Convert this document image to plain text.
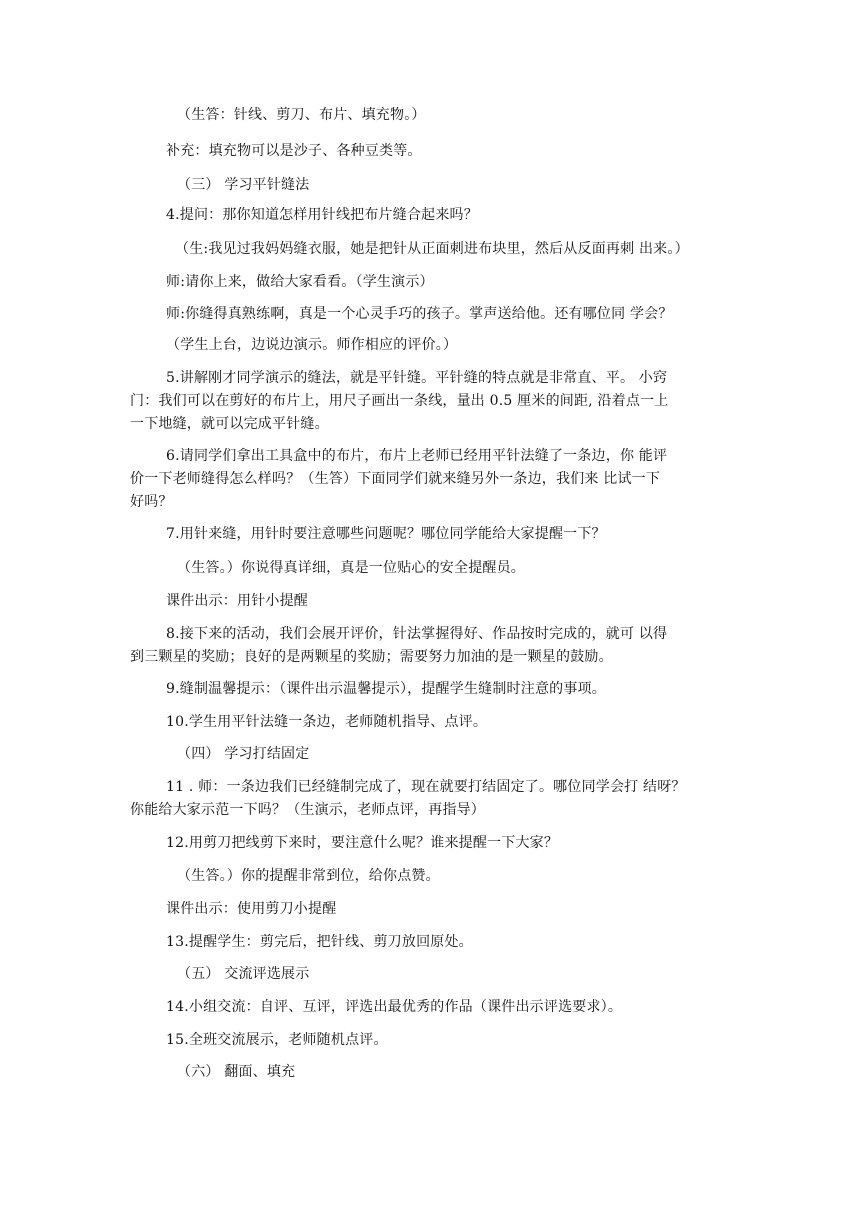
（生答：针线、剪刀、布片、填充物。）

补充：填充物可以是沙子、各种豆类等。

（三） 学习平针缝法

4.提问：那你知道怎样用针线把布片缝合起来吗？

（生:我见过我妈妈缝衣服，她是把针从正面刺进布块里，然后从反面再刺 出来。）

师:请你上来，做给大家看看。（学生演示）

师:你缝得真熟练啊，真是一个心灵手巧的孩子。掌声送给他。还有哪位同 学会？

（学生上台，边说边演示。师作相应的评价。）

5.讲解刚才同学演示的缝法，就是平针缝。平针缝的特点就是非常直、平。 小窍

门：我们可以在剪好的布片上，用尺子画出一条线，量出 0.5 厘米的间距, 沿着点一上

一下地缝，就可以完成平针缝。

6.请同学们拿出工具盒中的布片，布片上老师已经用平针法缝了一条边，你 能评

价一下老师缝得怎么样吗？（生答）下面同学们就来缝另外一条边，我们来 比试一下

好吗？

7.用针来缝，用针时要注意哪些问题呢？哪位同学能给大家提醒一下？

（生答。）你说得真详细，真是一位贴心的安全提醒员。

课件出示：用针小提醒

8.接下来的活动，我们会展开评价，针法掌握得好、作品按时完成的，就可 以得

到三颗星的奖励；良好的是两颗星的奖励；需要努力加油的是一颗星的鼓励。

9.缝制温馨提示：（课件出示温馨提示），提醒学生缝制时注意的事项。

10.学生用平针法缝一条边，老师随机指导、点评。

（四） 学习打结固定

11 . 师：一条边我们已经缝制完成了，现在就要打结固定了。哪位同学会打 结呀？

你能给大家示范一下吗？（生演示，老师点评，再指导）

12.用剪刀把线剪下来时，要注意什么呢？谁来提醒一下大家？

（生答。）你的提醒非常到位，给你点赞。

课件出示：使用剪刀小提醒

13.提醒学生：剪完后，把针线、剪刀放回原处。

（五） 交流评选展示

14.小组交流：自评、互评，评选出最优秀的作品（课件出示评选要求）。

15.全班交流展示，老师随机点评。

（六） 翻面、填充
